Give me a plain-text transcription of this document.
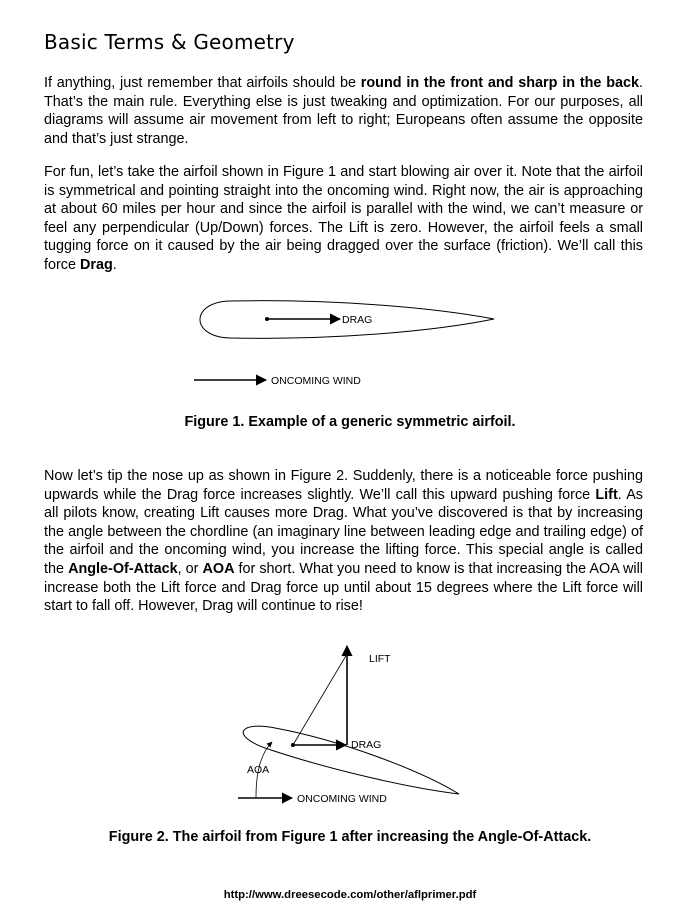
Basic Terms & Geometry
If anything, just remember that airfoils should be round in the front and sharp in the back. That’s the main rule. Everything else is just tweaking and optimization. For our purposes, all diagrams will assume air movement from left to right; Europeans often assume the opposite and that’s just strange.
For fun, let’s take the airfoil shown in Figure 1 and start blowing air over it. Note that the airfoil is symmetrical and pointing straight into the oncoming wind. Right now, the air is approaching at about 60 miles per hour and since the airfoil is parallel with the wind, we can’t measure or feel any perpendicular (Up/Down) forces. The Lift is zero. However, the airfoil feels a small tugging force on it caused by the air being dragged over the surface (friction). We’ll call this force Drag.
DRAG
ONCOMING WIND
Figure 1. Example of a generic symmetric airfoil.
Now let’s tip the nose up as shown in Figure 2. Suddenly, there is a noticeable force pushing upwards while the Drag force increases slightly. We’ll call this upward pushing force Lift. As all pilots know, creating Lift causes more Drag. What you’ve discovered is that by increasing the angle between the chordline (an imaginary line between leading edge and trailing edge) of the airfoil and the oncoming wind, you increase the lifting force. This special angle is called the Angle-Of-Attack, or AOA for short. What you need to know is that increasing the AOA will increase both the Lift force and Drag force up until about 15 degrees where the Lift force will start to fall off. However, Drag will continue to rise!
LIFT
DRAG
AOA
ONCOMING WIND
Figure 2. The airfoil from Figure 1 after increasing the Angle-Of-Attack.
http://www.dreesecode.com/other/aflprimer.pdf
